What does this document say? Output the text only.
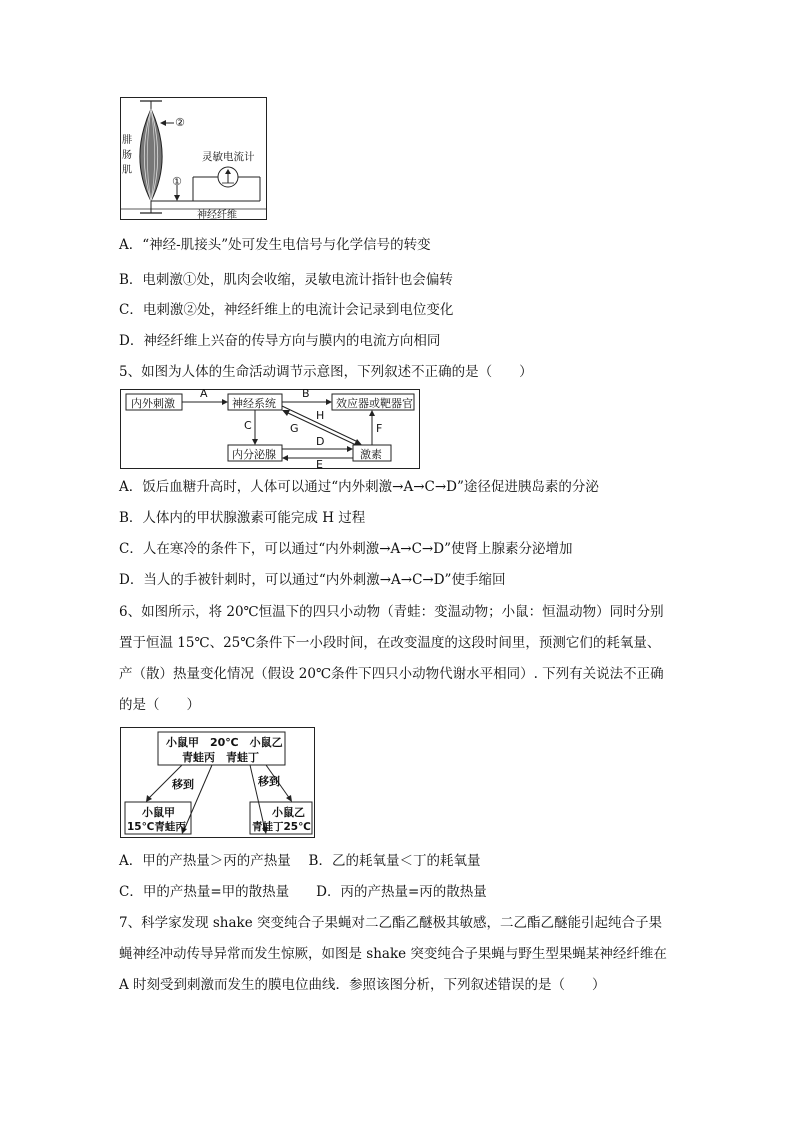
腓
肠
肌
②
①
灵敏电流计
神经纤维
A．“神经-肌接头”处可发生电信号与化学信号的转变
B．电刺激①处，肌肉会收缩，灵敏电流计指针也会偏转
C．电刺激②处，神经纤维上的电流计会记录到电位变化
D．神经纤维上兴奋的传导方向与膜内的电流方向相同
5、如图为人体的生命活动调节示意图，下列叙述不正确的是（　　）
内外刺激	神经系统	效应器或靶器官
内分泌腺	激素
A	B
C
D
E
F
G
H
A．饭后血糖升高时，人体可以通过“内外刺激→A→C→D”途径促进胰岛素的分泌
B．人体内的甲状腺激素可能完成 H 过程
C．人在寒冷的条件下，可以通过“内外刺激→A→C→D”使肾上腺素分泌增加
D．当人的手被针刺时，可以通过“内外刺激→A→C→D”使手缩回
6、如图所示，将 20℃恒温下的四只小动物（青蛙：变温动物；小鼠：恒温动物）同时分别
置于恒温 15℃、25℃条件下一小段时间，在改变温度的这段时间里，预测它们的耗氧量、
产（散）热量变化情况（假设 20℃条件下四只小动物代谢水平相同）. 下列有关说法不正确
的是（　　）
小鼠甲　20℃　小鼠乙
青蛙丙　青蛙丁
移到	移到
小鼠甲
15℃青蛙丙
小鼠乙
青蛙丁25℃
A．甲的产热量＞丙的产热量　 B．乙的耗氧量＜丁的耗氧量
C．甲的产热量=甲的散热量　　D．丙的产热量=丙的散热量
7、科学家发现 shake 突变纯合子果蝇对二乙酯乙醚极其敏感，二乙酯乙醚能引起纯合子果
蝇神经冲动传导异常而发生惊厥，如图是 shake 突变纯合子果蝇与野生型果蝇某神经纤维在
A 时刻受到刺激而发生的膜电位曲线．参照该图分析，下列叙述错误的是（　　）
